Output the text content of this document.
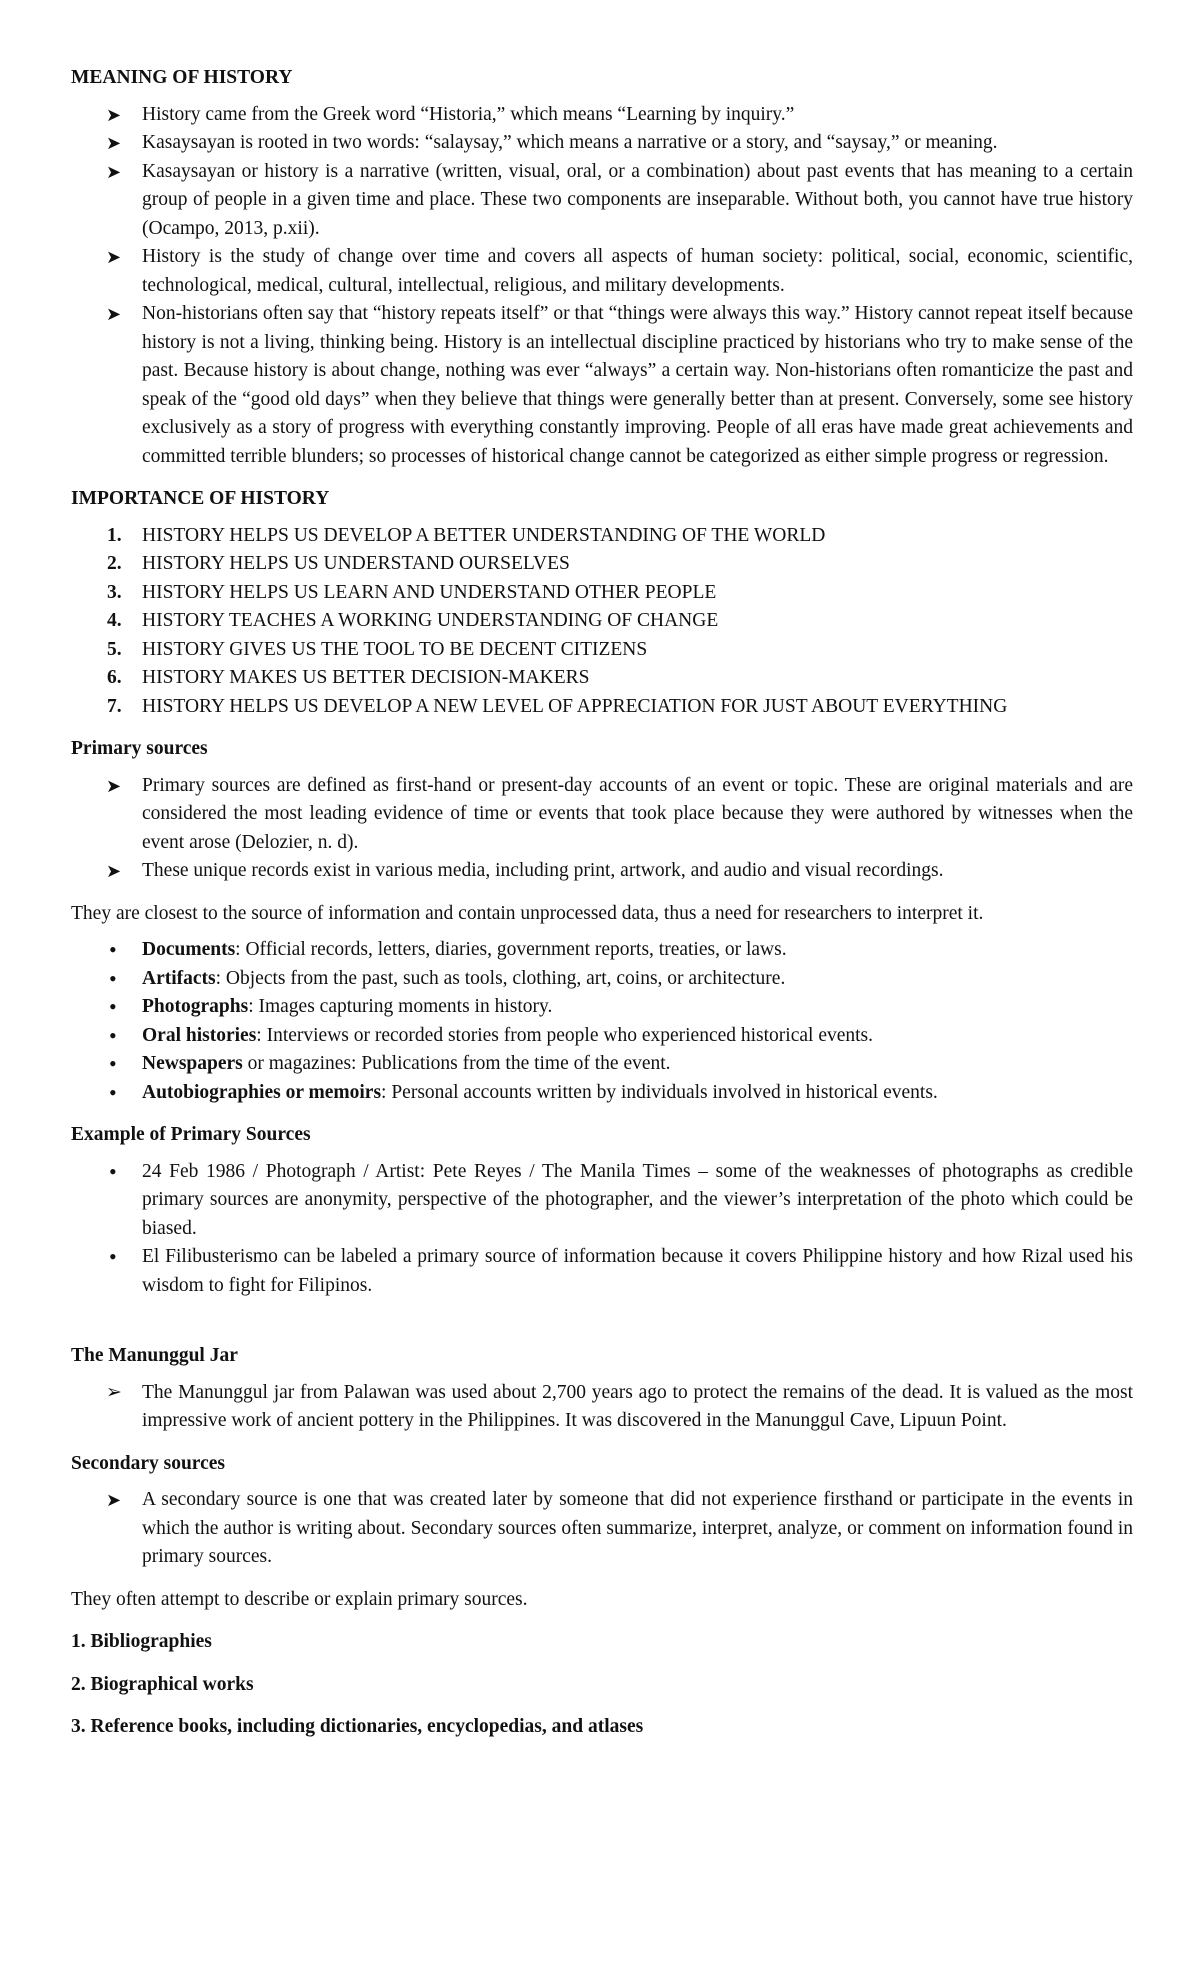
MEANING OF HISTORY

➤ History came from the Greek word “Historia,” which means “Learning by inquiry.”
➤ Kasaysayan is rooted in two words: “salaysay,” which means a narrative or a story, and “saysay,” or meaning.
➤ Kasaysayan or history is a narrative (written, visual, oral, or a combination) about past events that has meaning to a certain group of people in a given time and place. These two components are inseparable. Without both, you cannot have true history (Ocampo, 2013, p.xii).
➤ History is the study of change over time and covers all aspects of human society: political, social, economic, scientific, technological, medical, cultural, intellectual, religious, and military developments.
➤ Non-historians often say that “history repeats itself” or that “things were always this way.” History cannot repeat itself because history is not a living, thinking being. History is an intellectual discipline practiced by historians who try to make sense of the past. Because history is about change, nothing was ever “always” a certain way. Non-historians often romanticize the past and speak of the “good old days” when they believe that things were generally better than at present. Conversely, some see history exclusively as a story of progress with everything constantly improving. People of all eras have made great achievements and committed terrible blunders; so processes of historical change cannot be categorized as either simple progress or regression.

IMPORTANCE OF HISTORY

1. HISTORY HELPS US DEVELOP A BETTER UNDERSTANDING OF THE WORLD
2. HISTORY HELPS US UNDERSTAND OURSELVES
3. HISTORY HELPS US LEARN AND UNDERSTAND OTHER PEOPLE
4. HISTORY TEACHES A WORKING UNDERSTANDING OF CHANGE
5. HISTORY GIVES US THE TOOL TO BE DECENT CITIZENS
6. HISTORY MAKES US BETTER DECISION-MAKERS
7. HISTORY HELPS US DEVELOP A NEW LEVEL OF APPRECIATION FOR JUST ABOUT EVERYTHING

Primary sources

➤ Primary sources are defined as first-hand or present-day accounts of an event or topic. These are original materials and are considered the most leading evidence of time or events that took place because they were authored by witnesses when the event arose (Delozier, n. d).
➤ These unique records exist in various media, including print, artwork, and audio and visual recordings.

They are closest to the source of information and contain unprocessed data, thus a need for researchers to interpret it.

• Documents: Official records, letters, diaries, government reports, treaties, or laws.
• Artifacts: Objects from the past, such as tools, clothing, art, coins, or architecture.
• Photographs: Images capturing moments in history.
• Oral histories: Interviews or recorded stories from people who experienced historical events.
• Newspapers or magazines: Publications from the time of the event.
• Autobiographies or memoirs: Personal accounts written by individuals involved in historical events.

Example of Primary Sources

• 24 Feb 1986 / Photograph / Artist: Pete Reyes / The Manila Times – some of the weaknesses of photographs as credible primary sources are anonymity, perspective of the photographer, and the viewer’s interpretation of the photo which could be biased.
• El Filibusterismo can be labeled a primary source of information because it covers Philippine history and how Rizal used his wisdom to fight for Filipinos.

The Manunggul Jar

➢ The Manunggul jar from Palawan was used about 2,700 years ago to protect the remains of the dead. It is valued as the most impressive work of ancient pottery in the Philippines. It was discovered in the Manunggul Cave, Lipuun Point.

Secondary sources

➤ A secondary source is one that was created later by someone that did not experience firsthand or participate in the events in which the author is writing about. Secondary sources often summarize, interpret, analyze, or comment on information found in primary sources.

They often attempt to describe or explain primary sources.

1. Bibliographies

2. Biographical works

3. Reference books, including dictionaries, encyclopedias, and atlases
